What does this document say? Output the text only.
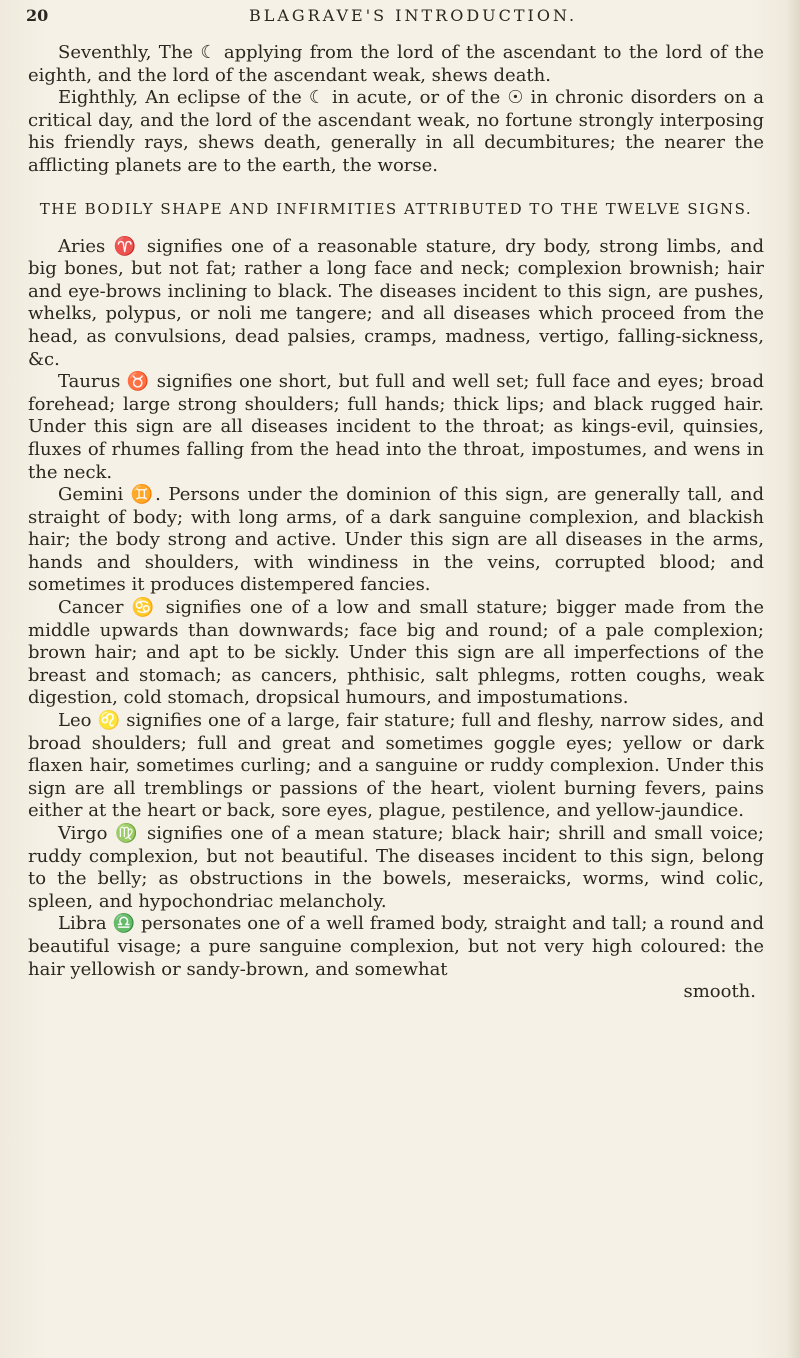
20	BLAGRAVE'S INTRODUCTION.

Seventhly, The ☾ applying from the lord of the ascendant to the lord of the eighth, and the lord of the ascendant weak, shews death.

Eighthly, An eclipse of the ☾ in acute, or of the ☉ in chronic disorders on a critical day, and the lord of the ascendant weak, no fortune strongly interposing his friendly rays, shews death, generally in all decumbitures; the nearer the afflicting planets are to the earth, the worse.

THE BODILY SHAPE AND INFIRMITIES ATTRIBUTED TO THE TWELVE SIGNS.

Aries ♈ signifies one of a reasonable stature, dry body, strong limbs, and big bones, but not fat; rather a long face and neck; complexion brownish; hair and eye-brows inclining to black. The diseases incident to this sign, are pushes, whelks, polypus, or noli me tangere; and all diseases which proceed from the head, as convulsions, dead palsies, cramps, madness, vertigo, falling-sickness, &c.

Taurus ♉ signifies one short, but full and well set; full face and eyes; broad forehead; large strong shoulders; full hands; thick lips; and black rugged hair. Under this sign are all diseases incident to the throat; as kings-evil, quinsies, fluxes of rhumes falling from the head into the throat, impostumes, and wens in the neck.

Gemini ♊. Persons under the dominion of this sign, are generally tall, and straight of body; with long arms, of a dark sanguine complexion, and blackish hair; the body strong and active. Under this sign are all diseases in the arms, hands and shoulders, with windiness in the veins, corrupted blood; and sometimes it produces distempered fancies.

Cancer ♋ signifies one of a low and small stature; bigger made from the middle upwards than downwards; face big and round; of a pale complexion; brown hair; and apt to be sickly. Under this sign are all imperfections of the breast and stomach; as cancers, phthisic, salt phlegms, rotten coughs, weak digestion, cold stomach, dropsical humours, and impostumations.

Leo ♌ signifies one of a large, fair stature; full and fleshy, narrow sides, and broad shoulders; full and great and sometimes goggle eyes; yellow or dark flaxen hair, sometimes curling; and a sanguine or ruddy complexion. Under this sign are all tremblings or passions of the heart, violent burning fevers, pains either at the heart or back, sore eyes, plague, pestilence, and yellow-jaundice.

Virgo ♍ signifies one of a mean stature; black hair; shrill and small voice; ruddy complexion, but not beautiful. The diseases incident to this sign, belong to the belly; as obstructions in the bowels, meseraicks, worms, wind colic, spleen, and hypochondriac melancholy.

Libra ♎ personates one of a well framed body, straight and tall; a round and beautiful visage; a pure sanguine complexion, but not very high coloured: the hair yellowish or sandy-brown, and somewhat

smooth.
